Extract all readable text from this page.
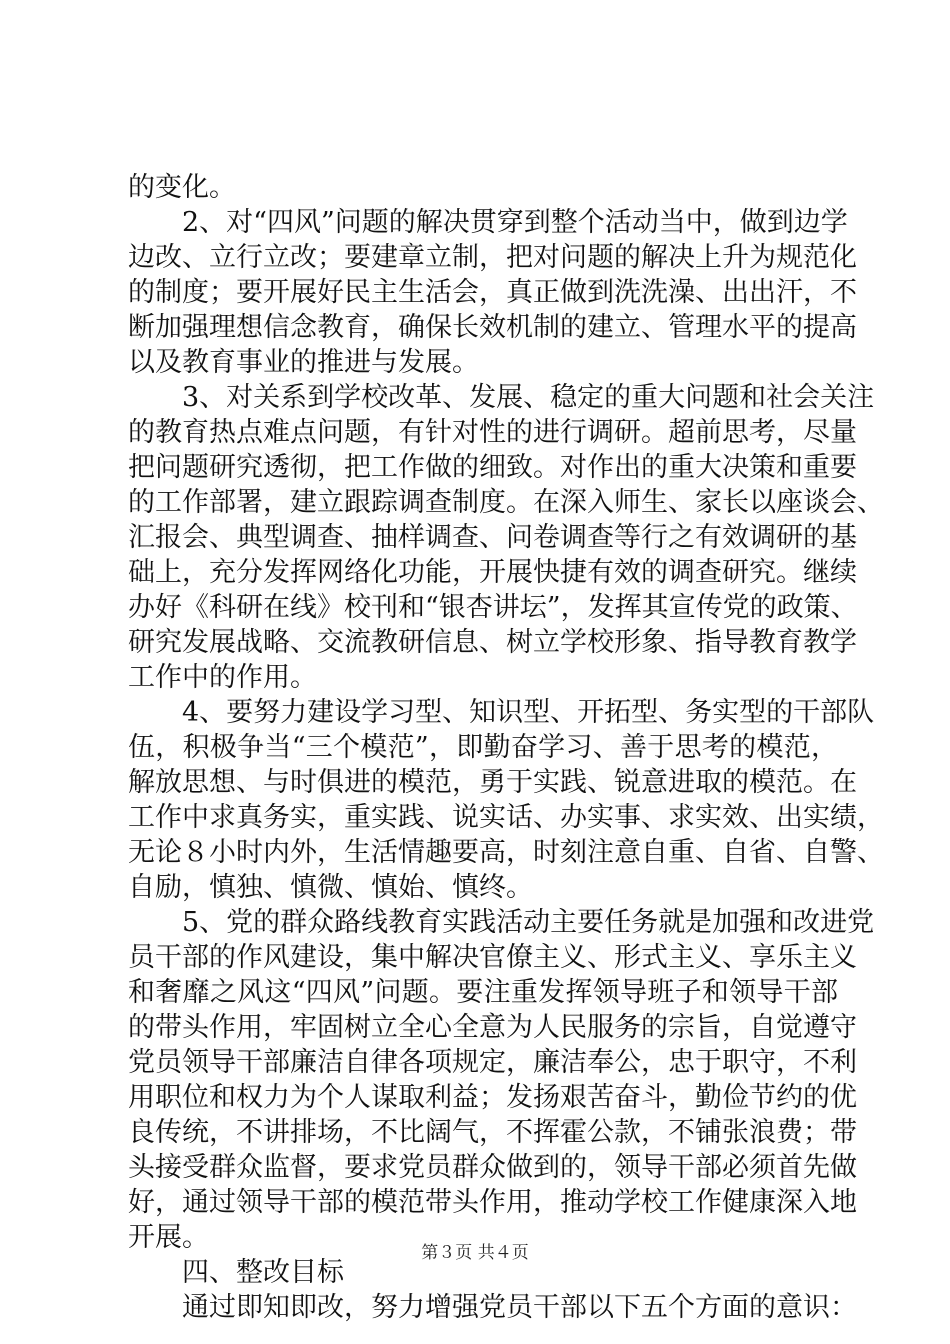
的变化。
2、对“四风”问题的解决贯穿到整个活动当中，做到边学
边改、立行立改；要建章立制，把对问题的解决上升为规范化
的制度；要开展好民主生活会，真正做到洗洗澡、出出汗，不
断加强理想信念教育，确保长效机制的建立、管理水平的提高
以及教育事业的推进与发展。
3、对关系到学校改革、发展、稳定的重大问题和社会关注
的教育热点难点问题，有针对性的进行调研。超前思考，尽量
把问题研究透彻，把工作做的细致。对作出的重大决策和重要
的工作部署，建立跟踪调查制度。在深入师生、家长以座谈会、
汇报会、典型调查、抽样调查、问卷调查等行之有效调研的基
础上，充分发挥网络化功能，开展快捷有效的调查研究。继续
办好《科研在线》校刊和“银杏讲坛”，发挥其宣传党的政策、
研究发展战略、交流教研信息、树立学校形象、指导教育教学
工作中的作用。
4、要努力建设学习型、知识型、开拓型、务实型的干部队
伍，积极争当“三个模范”，即勤奋学习、善于思考的模范，
解放思想、与时俱进的模范，勇于实践、锐意进取的模范。在
工作中求真务实，重实践、说实话、办实事、求实效、出实绩，
无论８小时内外，生活情趣要高，时刻注意自重、自省、自警、
自励，慎独、慎微、慎始、慎终。
5、党的群众路线教育实践活动主要任务就是加强和改进党
员干部的作风建设，集中解决官僚主义、形式主义、享乐主义
和奢靡之风这“四风”问题。要注重发挥领导班子和领导干部
的带头作用，牢固树立全心全意为人民服务的宗旨，自觉遵守
党员领导干部廉洁自律各项规定，廉洁奉公，忠于职守，不利
用职位和权力为个人谋取利益；发扬艰苦奋斗，勤俭节约的优
良传统，不讲排场，不比阔气，不挥霍公款，不铺张浪费；带
头接受群众监督，要求党员群众做到的，领导干部必须首先做
好，通过领导干部的模范带头作用，推动学校工作健康深入地
开展。
四、整改目标
通过即知即改，努力增强党员干部以下五个方面的意识：
第３页 共４页
